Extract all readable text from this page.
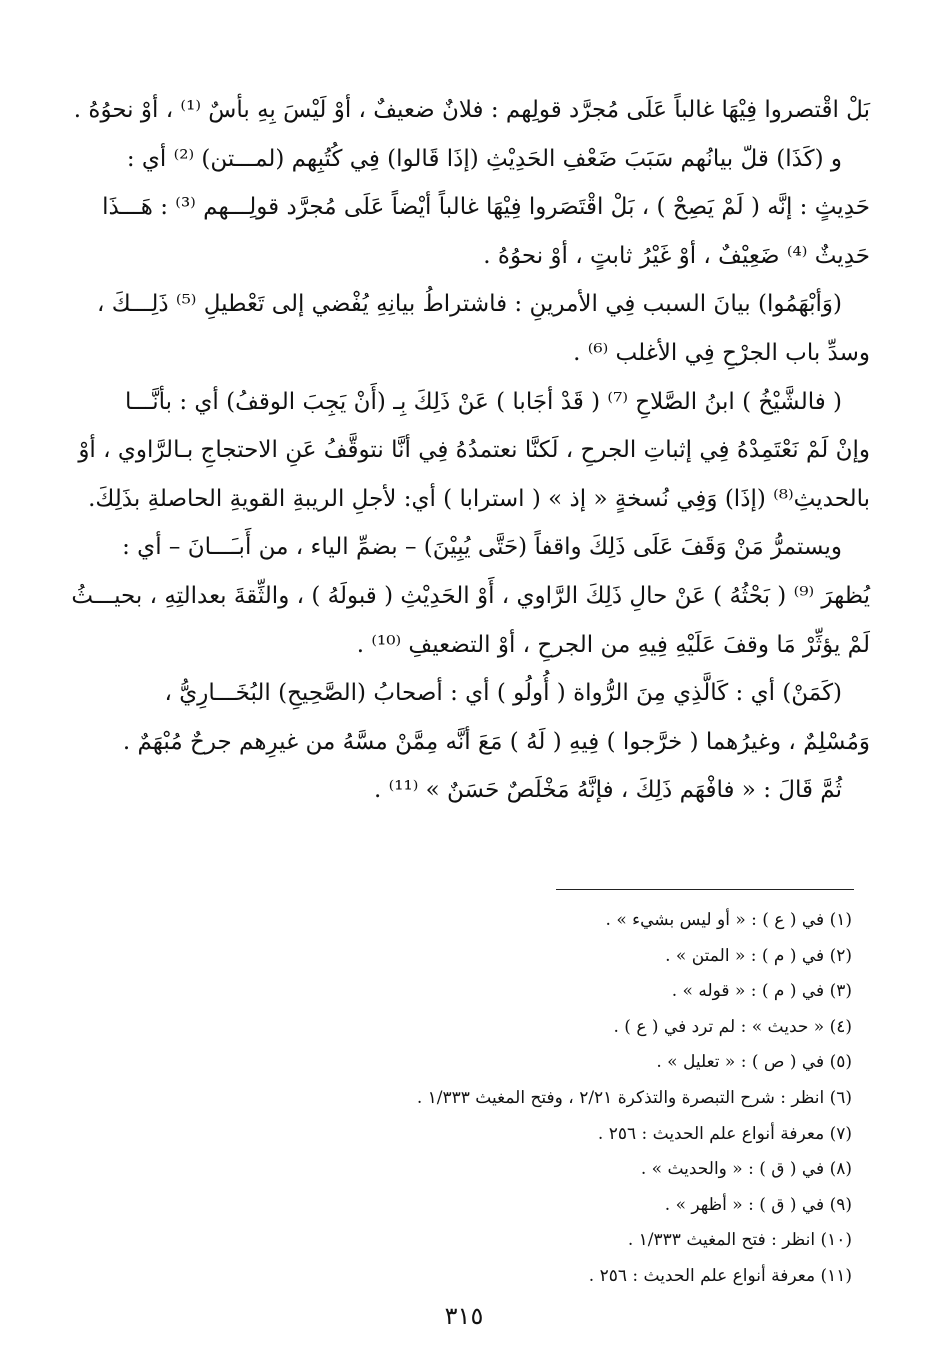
بَلْ اقْتصروا فِيْهَا غالباً عَلَى مُجرَّد قولِهم : فلانٌ ضعيفٌ ، أوْ لَيْسَ بِهِ بأسٌ ⁽¹⁾ ، أوْ نحوُهُ .

و (كَذَا) قلّ بيانُهم سَبَبَ ضَعْفِ الحَدِيْثِ (إذَا قَالوا) فِي كُتُبِهم (لمـــتن) ⁽²⁾ أي :

حَدِيثٍ : إنَّه ( لَمْ يَصِحْ ) ، بَلْ اقْتَصَروا فِيْهَا غالباً أيْضاً عَلَى مُجرَّد قولِـــهم ⁽³⁾ : هَـــذَا

حَدِيثٌ ⁽⁴⁾ ضَعِيْفٌ ، أوْ غَيْرُ ثابتٍ ، أوْ نحوُهُ .

(وَأبْهَمُوا) بيانَ السبب فِي الأمرينِ : فاشتراطُ بيانِهِ يُفْضي إلى تَعْطيلِ ⁽⁵⁾ ذَلِـــكَ ،

وسدِّ باب الجرْحِ فِي الأغلب ⁽⁶⁾ .

( فالشَّيْخُ ) ابنُ الصَّلاحِ ⁽⁷⁾ ( قَدْ أجَابا ) عَنْ ذَلِكَ بِـ (أَنْ يَجِبَ الوقفُ) أي : بأنَّـــا

وإنْ لَمْ نَعْتَمِدْهُ فِي إثباتِ الجرحِ ، لَكنَّا نعتمدُهُ فِي أنَّا نتوقَّفُ عَنِ الاحتجاجِ بـالرَّاوي ، أوْ

بالحديثِ⁽⁸⁾ (إذَا) وَفِي نُسخةٍ « إذ » ( استرابا ) أي: لأجلِ الريبةِ القويةِ الحاصلةِ بذَلِكَ.

ويستمرُّ مَنْ وَقَفَ عَلَى ذَلِكَ واقفاً (حَتَّى يُبِيْنَ) – بضمِّ الياء ، من أَبـَـــانَ – أي :

يُظهرَ ⁽⁹⁾ ( بَحْثُهُ ) عَنْ حالِ ذَلِكَ الرَّاوي ، أَوْ الحَدِيْثِ ( قبولَهُ ) ، والثِّقةَ بعدالتِهِ ، بحيـــثُ

لَمْ يؤثِّرْ مَا وقفَ عَلَيْهِ فِيهِ من الجرحِ ، أوْ التضعيفِ ⁽¹⁰⁾ .

(كَمَنْ) أي : كَالَّذِي مِنَ الرُّواة ( أُولُو ) أي : أصحابُ (الصَّحِيحِ) البُخَـــارِيُّ ،

وَمُسْلِمٌ ، وغيرُهما ( خرَّجوا ) فِيهِ ( لَهُ ) مَعَ أنَّه مِمَّنْ مسَّهُ من غيرِهم جرحٌ مُبْهَمٌ .

ثُمَّ قَالَ : « فافْهَم ذَلِكَ ، فإنَّهُ مَخْلَصٌ حَسَنٌ » ⁽¹¹⁾ .

(١) في ( ع ) : « أو ليس بشيء » .
(٢) في ( م ) : « المتن » .
(٣) في ( م ) : « قوله » .
(٤) « حديث » : لم ترد في ( ع ) .
(٥) في ( ص ) : « تعليل » .
(٦) انظر : شرح التبصرة والتذكرة ٢/٢١ ، وفتح المغيث ١/٣٣٣ .
(٧) معرفة أنواع علم الحديث : ٢٥٦ .
(٨) في ( ق ) : « والحديث » .
(٩) في ( ق ) : « أظهر » .
(١٠) انظر : فتح المغيث ١/٣٣٣ .
(١١) معرفة أنواع علم الحديث : ٢٥٦ .
٣١٥
